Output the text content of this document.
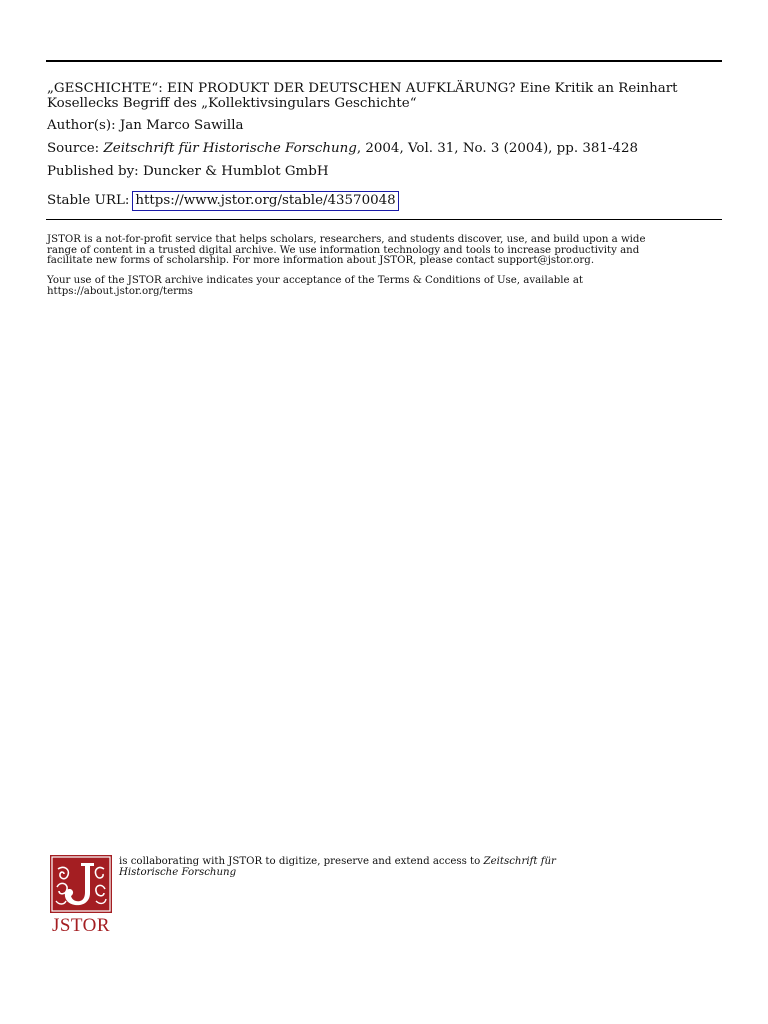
„GESCHICHTE“: EIN PRODUKT DER DEUTSCHEN AUFKLÄRUNG? Eine Kritik an Reinhart
Kosellecks Begriff des „Kollektivsingulars Geschichte“
Author(s): Jan Marco Sawilla
Source: Zeitschrift für Historische Forschung, 2004, Vol. 31, No. 3 (2004), pp. 381-428
Published by: Duncker & Humblot GmbH
Stable URL: https://www.jstor.org/stable/43570048
JSTOR is a not-for-profit service that helps scholars, researchers, and students discover, use, and build upon a wide
range of content in a trusted digital archive. We use information technology and tools to increase productivity and
facilitate new forms of scholarship. For more information about JSTOR, please contact support@jstor.org.
Your use of the JSTOR archive indicates your acceptance of the Terms & Conditions of Use, available at
https://about.jstor.org/terms
JSTOR
is collaborating with JSTOR to digitize, preserve and extend access to Zeitschrift für
Historische Forschung
